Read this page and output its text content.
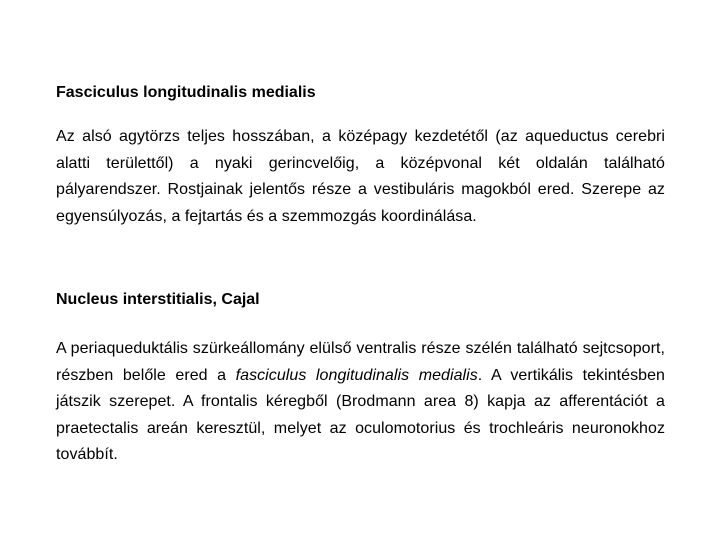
Fasciculus longitudinalis medialis

Az alsó agytörzs teljes hosszában, a középagy kezdetétől (az aqueductus cerebri alatti területtől) a nyaki gerincvelőig, a középvonal két oldalán található pályarendszer. Rostjainak jelentős része a vestibuláris magokból ered. Szerepe az egyensúlyozás, a fejtartás és a szemmozgás koordinálása.

Nucleus interstitialis, Cajal

A periaqueduktális szürkeállomány elülső ventralis része szélén található sejtcsoport, részben belőle ered a fasciculus longitudinalis medialis. A vertikális tekintésben játszik szerepet. A frontalis kéregből (Brodmann area 8) kapja az afferentációt a praetectalis areán keresztül, melyet az oculomotorius és trochleáris neuronokhoz továbbít.
